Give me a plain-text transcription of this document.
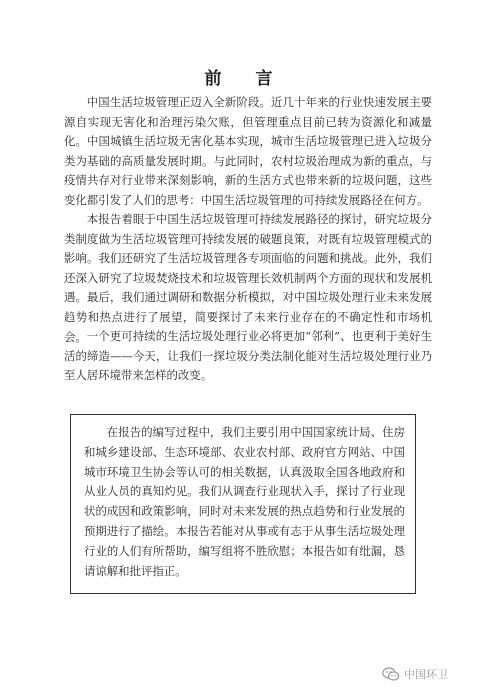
前 言

中国生活垃圾管理正迈入全新阶段。近几十年来的行业快速发展主要源自实现无害化和治理污染欠账，但管理重点目前已转为资源化和减量化。中国城镇生活垃圾无害化基本实现，城市生活垃圾管理已进入垃圾分类为基础的高质量发展时期。与此同时，农村垃圾治理成为新的重点，与疫情共存对行业带来深刻影响，新的生活方式也带来新的垃圾问题，这些变化都引发了人们的思考：中国生活垃圾管理的可持续发展路径在何方。

本报告着眼于中国生活垃圾管理可持续发展路径的探讨，研究垃圾分类制度做为生活垃圾管理可持续发展的破题良策，对既有垃圾管理模式的影响。我们还研究了生活垃圾管理各专项面临的问题和挑战。此外，我们还深入研究了垃圾焚烧技术和垃圾管理长效机制两个方面的现状和发展机遇。最后，我们通过调研和数据分析模拟，对中国垃圾处理行业未来发展趋势和热点进行了展望，简要探讨了未来行业存在的不确定性和市场机会。 一个更可持续的生活垃圾处理行业必将更加“邻利”、也更利于美好生活的缔造——今天，让我们一探垃圾分类法制化能对生活垃圾处理行业乃至人居环境带来怎样的改变。

在报告的编写过程中，我们主要引用中国国家统计局、住房和城乡建设部、生态环境部、农业农村部、政府官方网站、中国城市环境卫生协会等认可的相关数据，认真汲取全国各地政府和从业人员的真知灼见。我们从调查行业现状入手，探讨了行业现状的成因和政策影响，同时对未来发展的热点趋势和行业发展的预期进行了描绘。本报告若能对从事或有志于从事生活垃圾处理行业的人们有所帮助，编写组将不胜欣慰；本报告如有纰漏，恳请谅解和批评指正。

中国环卫
